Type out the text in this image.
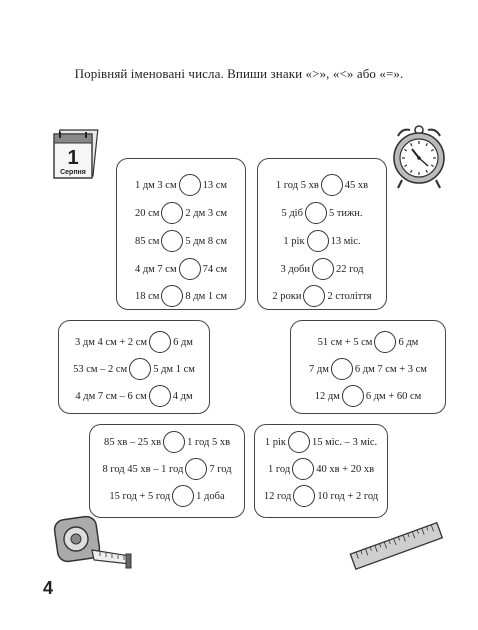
Порівняй іменовані числа. Впиши знаки «>», «<» або «=».
1
Серпня
1 дм 3 см 13 см
20 см 2 дм 3 см
85 см 5 дм 8 см
4 дм 7 см 74 см
18 см 8 дм 1 см
1 год 5 хв 45 хв
5 діб 5 тижн.
1 рік 13 міс.
3 доби 22 год
2 роки 2 століття
3 дм 4 см + 2 см 6 дм
53 см – 2 см 5 дм 1 см
4 дм 7 см – 6 см 4 дм
51 см + 5 см 6 дм
7 дм 6 дм 7 см + 3 см
12 дм 6 дм + 60 см
85 хв – 25 хв 1 год 5 хв
8 год 45 хв – 1 год 7 год
15 год + 5 год 1 доба
1 рік 15 міс. – 3 міс.
1 год 40 хв + 20 хв
12 год 10 год + 2 год
4
